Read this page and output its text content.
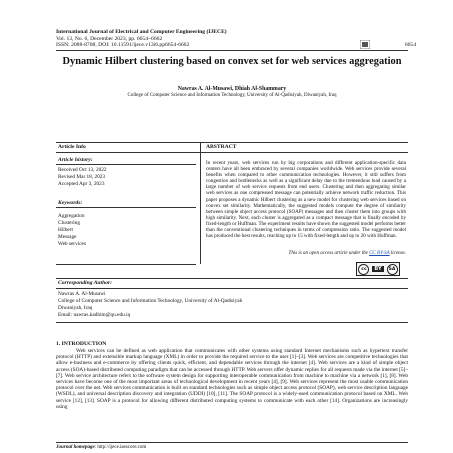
International Journal of Electrical and Computer Engineering (IJECE)
Vol. 13, No. 6, December 2023, pp. 6654~6662
ISSN: 2088-8708, DOI: 10.11591/ijece.v13i6.pp6654-6662	6654
Dynamic Hilbert clustering based on convex set for web services aggregation
Nawras A. Al-Musawi, Dhiah Al-Shammary
College of Computer Science and Information Technology, University of Al-Qadisiyah, Diwaniyah, Iraq
Article Info	ABSTRACT
Article history:
Received Oct 13, 2022
Revised Mar 18, 2023
Accepted Apr 3, 2023
Keywords:
Aggregation
Clustering
Hilbert
Message
Web services
In recent years, web services run by big corporations and different application-specific data centers have all been embraced by several companies worldwide. Web services provide several benefits when compared to other communication technologies. However, it still suffers from congestion and bottlenecks as well as a significant delay due to the tremendous load caused by a large number of web service requests from end users. Clustering and then aggregating similar web services as one compressed message can potentially achieve network traffic reduction. This paper proposes a dynamic Hilbert clustering as a new model for clustering web services based on convex set similarity. Mathematically, the suggested models compute the degree of similarity between simple object access protocol (SOAP) messages and then cluster them into groups with high similarity. Next, each cluster is aggregated as a compact message that is finally encoded by fixed-length or Huffman. The experiment results have shown the suggested model performs better than the conventional clustering techniques in terms of compression ratio. The suggested model has produced the best results, reaching up to 15 with fixed-length and up to 20 with Huffman.
This is an open access article under the CC BY-SA license.
cc	BY	SA
Corresponding Author:
Nawras A. Al-Musawi
College of Computer Science and Information Technology, University of Al-Qadisiyah
Diwaniyah, Iraq
Email: nawras.kadhim@qu.edu.iq
1. INTRODUCTION
Web services can be defined as web application that communicates with other systems using standard Internet mechanisms such as hypertext transfer protocol (HTTP) and extensible markup language (XML) in order to provide the required service to the user [1]–[3]. Web services are competitive technologies that allow e-business and e-commerce by offering clients quick, efficient, and dependable services through the internet [4]. Web services are a kind of simple object access (SOA)-based distributed computing paradigm that can be accessed through HTTP. Web servers offer dynamic replies for all requests made via the internet [5]–[7]. Web service architecture refers to the software system design for supporting interoperable communication from machine to machine via a network [1], [8]. Web services have become one of the most important areas of technological development in recent years [4], [9]. Web services represent the most usable communication protocol over the net. Web services communication is built on standard technologies such as simple object access protocol (SOAP), web service description language (WSDL), and universal description discovery and integration (UDDI) [10], [11]. The SOAP protocol is a widely-used communication protocol based on XML. Web service [12], [13]. SOAP is a protocol for allowing different distributed computing systems to communicate with each other [14]. Organizations are increasingly using
Journal homepage: http://ijece.iaescore.com
